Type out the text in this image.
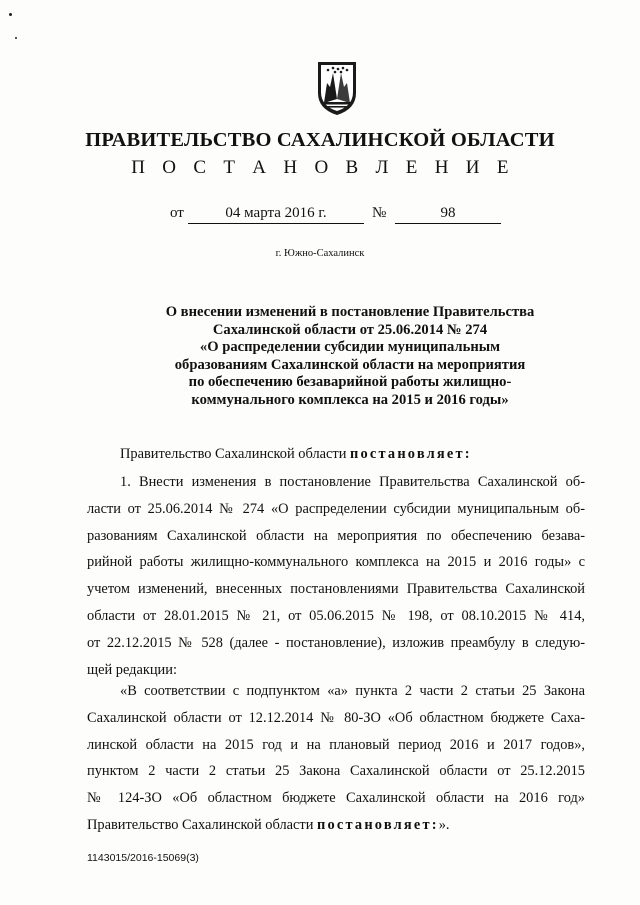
ПРАВИТЕЛЬСТВО САХАЛИНСКОЙ ОБЛАСТИ
П О С Т А Н О В Л Е Н И Е
от	04 марта 2016 г.	№	98
г. Южно-Сахалинск
О внесении изменений в постановление Правительства
Сахалинской области от 25.06.2014 № 274
«О распределении субсидии муниципальным
образованиям Сахалинской области на мероприятия
по обеспечению безаварийной работы жилищно-
коммунального комплекса на 2015 и 2016 годы»
Правительство Сахалинской области постановляет:
1. Внести изменения в постановление Правительства Сахалинской об-
ласти от 25.06.2014 № 274 «О распределении субсидии муниципальным об-
разованиям Сахалинской области на мероприятия по обеспечению безава-
рийной работы жилищно-коммунального комплекса на 2015 и 2016 годы» с
учетом изменений, внесенных постановлениями Правительства Сахалинской
области от 28.01.2015 № 21, от 05.06.2015 № 198, от 08.10.2015 № 414,
от 22.12.2015 № 528 (далее - постановление), изложив преамбулу в следую-
щей редакции:
«В соответствии с подпунктом «а» пункта 2 части 2 статьи 25 Закона
Сахалинской области от 12.12.2014 № 80-ЗО «Об областном бюджете Саха-
линской области на 2015 год и на плановый период 2016 и 2017 годов»,
пунктом 2 части 2 статьи 25 Закона Сахалинской области от 25.12.2015
№ 124-ЗО «Об областном бюджете Сахалинской области на 2016 год»
Правительство Сахалинской области постановляет:».
1143015/2016-15069(3)
